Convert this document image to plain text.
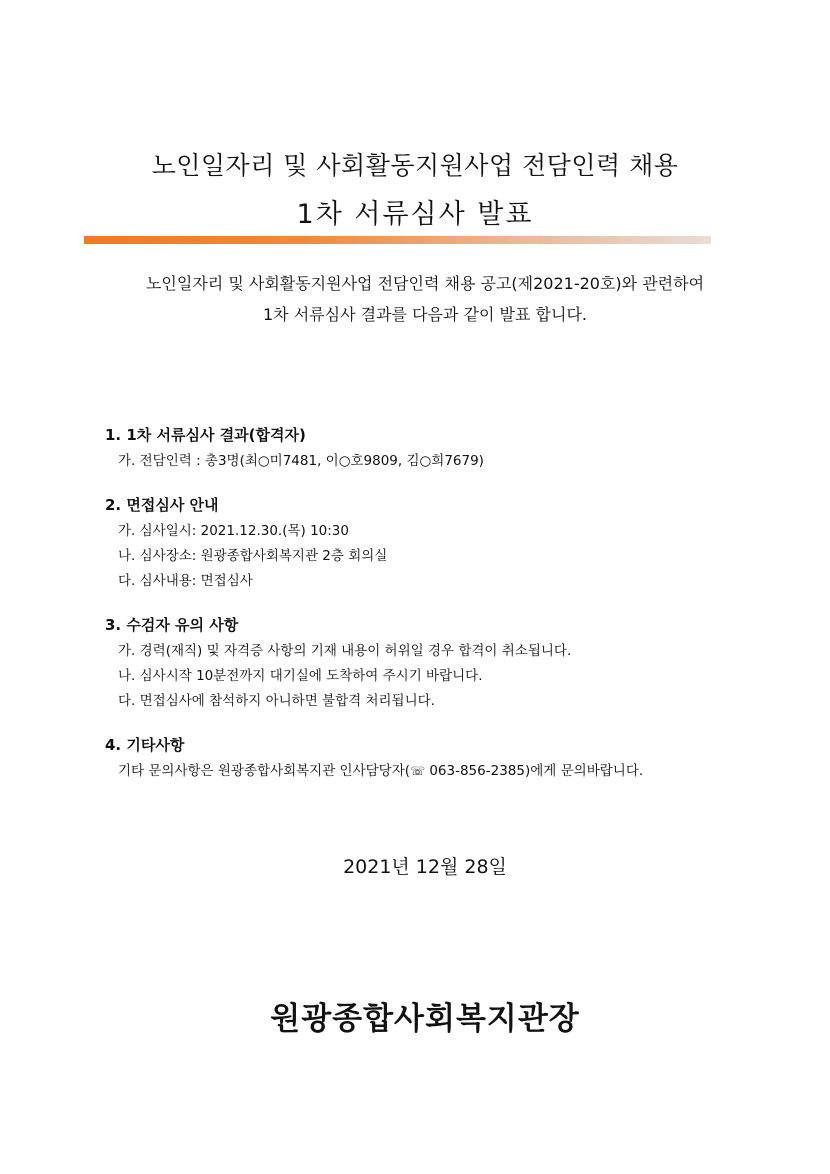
노인일자리 및 사회활동지원사업 전담인력 채용
1차 서류심사 발표
노인일자리 및 사회활동지원사업 전담인력 채용 공고(제2021-20호)와 관련하여
1차 서류심사 결과를 다음과 같이 발표 합니다.
1. 1차 서류심사 결과(합격자)
가. 전담인력 : 총3명(최○미7481, 이○호9809, 김○희7679)
2. 면접심사 안내
가. 심사일시: 2021.12.30.(목) 10:30
나. 심사장소: 원광종합사회복지관 2층 회의실
다. 심사내용: 면접심사
3. 수검자 유의 사항
가. 경력(재직) 및 자격증 사항의 기재 내용이 허위일 경우 합격이 취소됩니다.
나. 심사시작 10분전까지 대기실에 도착하여 주시기 바랍니다.
다. 면접심사에 참석하지 아니하면 불합격 처리됩니다.
4. 기타사항
기타 문의사항은 원광종합사회복지관 인사담당자(☏ 063-856-2385)에게 문의바랍니다.
2021년 12월 28일
원광종합사회복지관장
